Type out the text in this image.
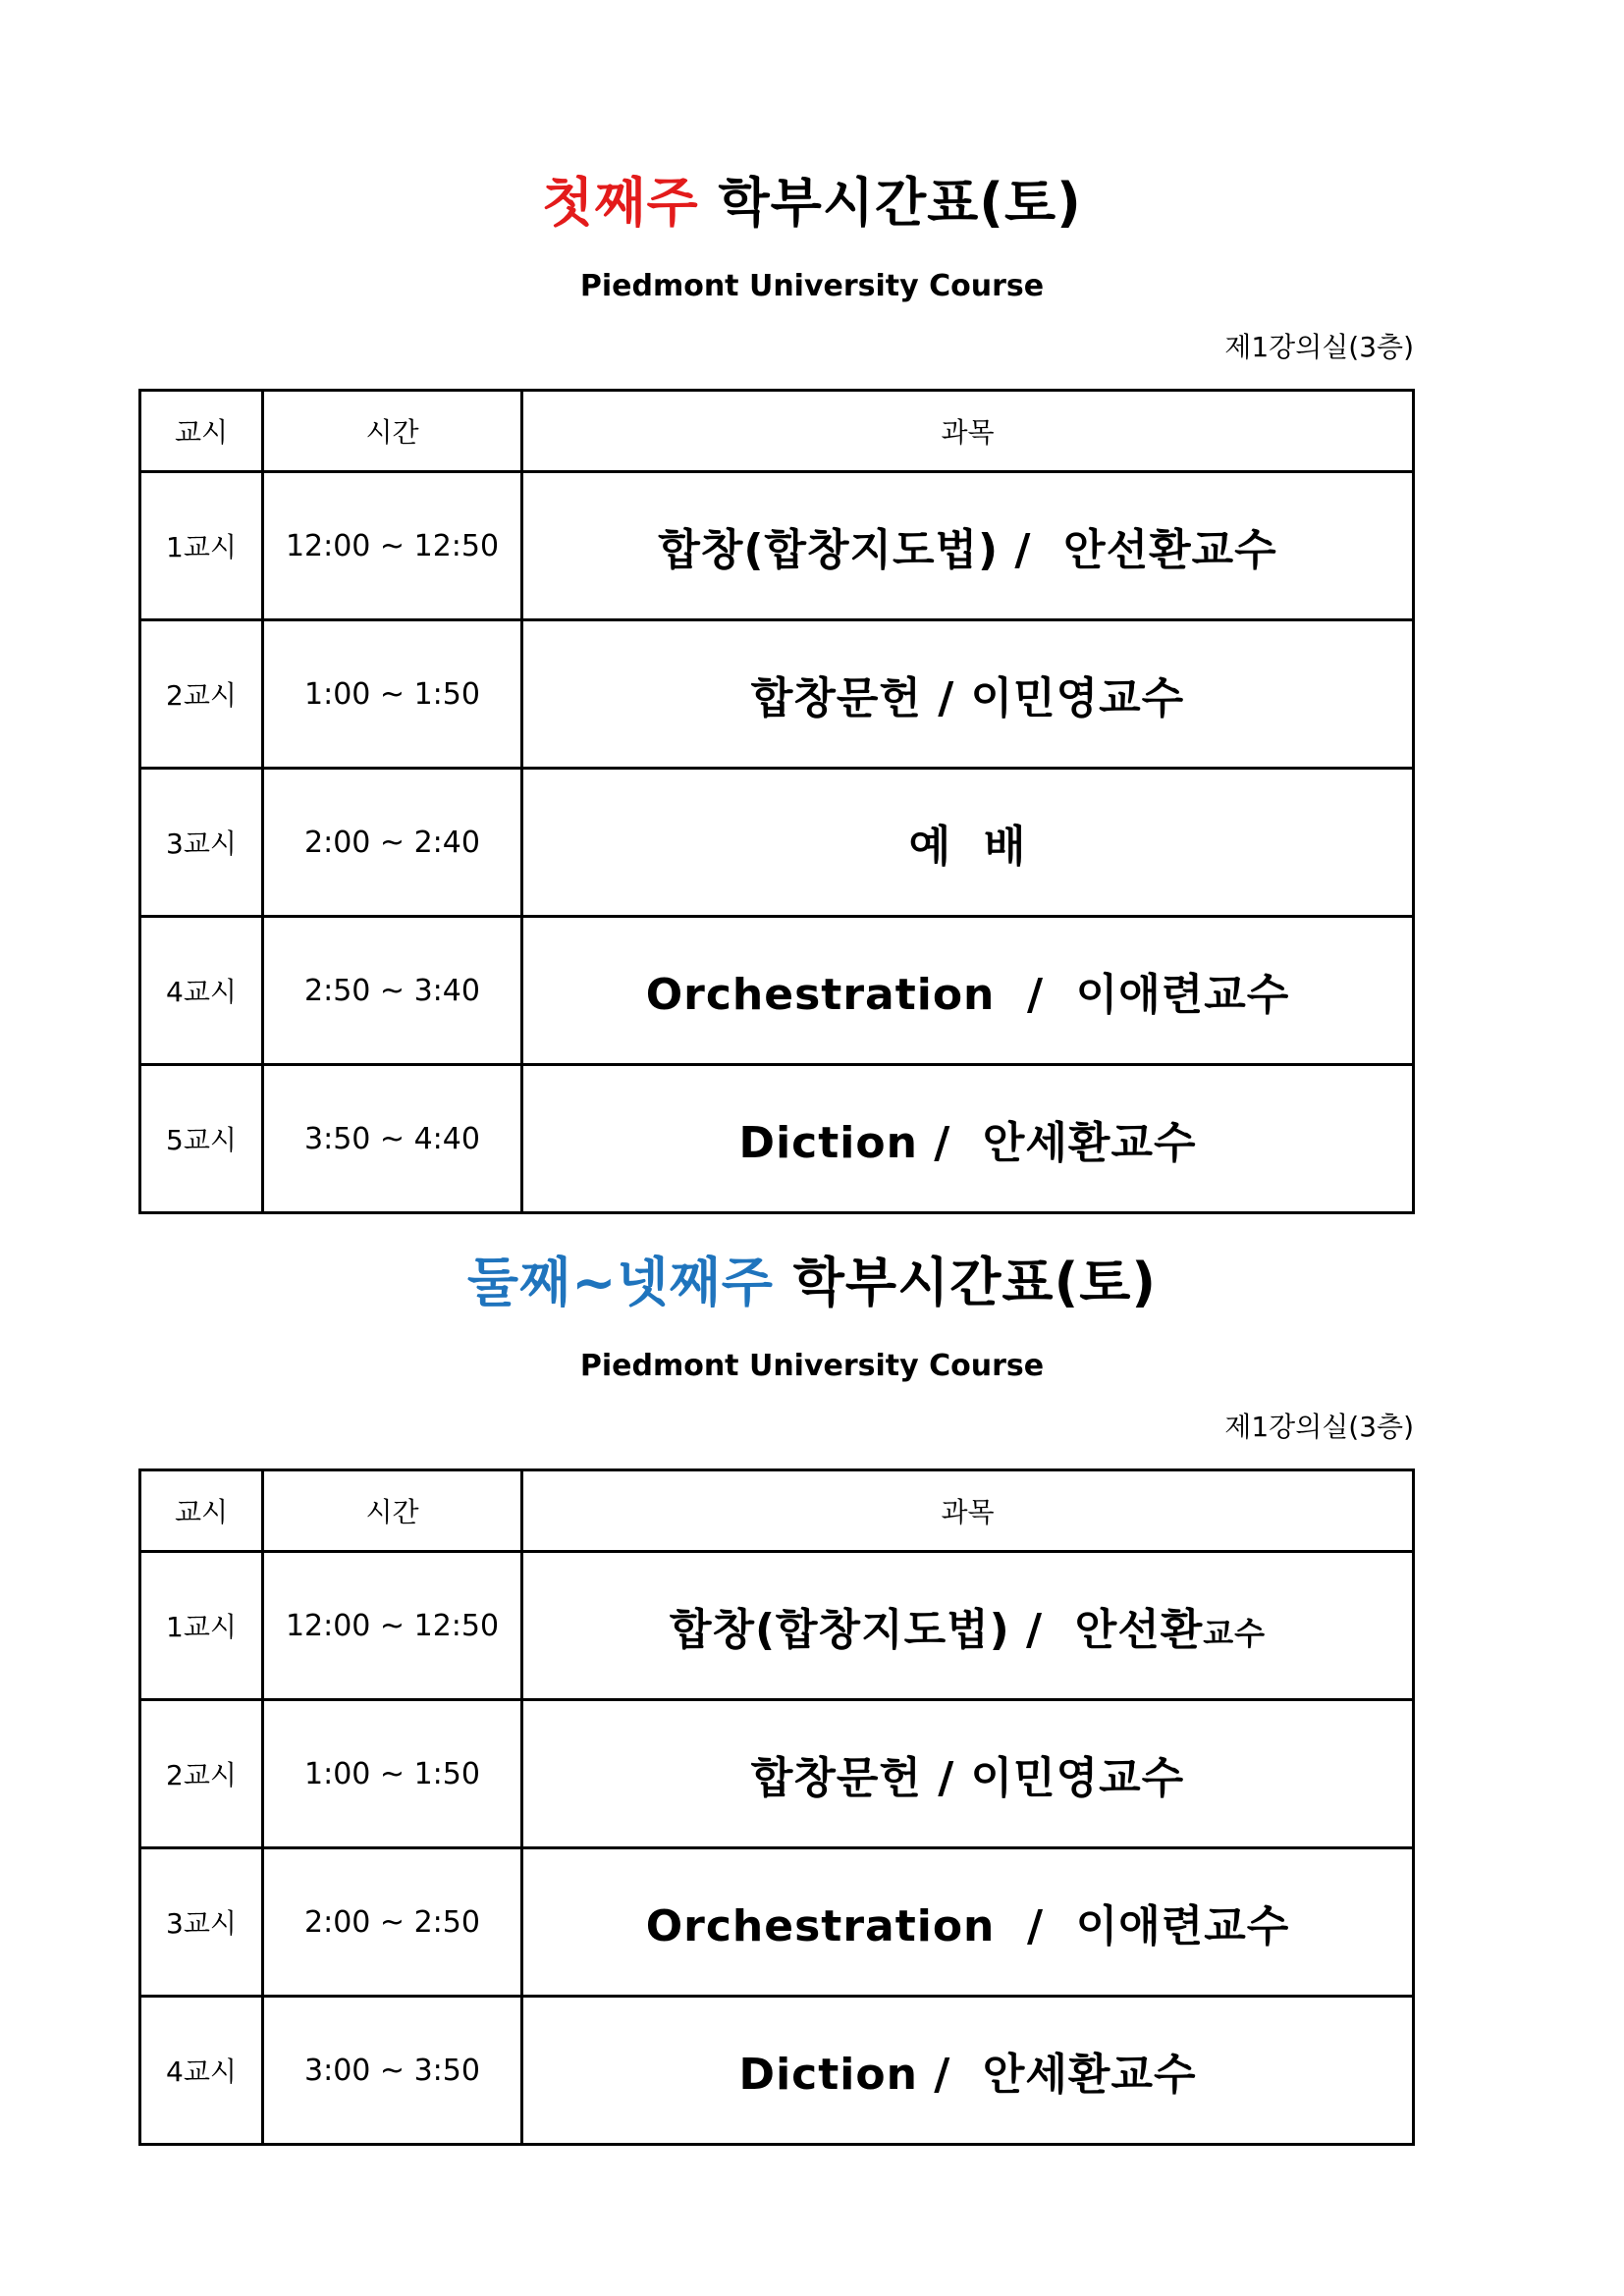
첫째주 학부시간표(토)
Piedmont University Course
제1강의실(3층)
교시	시간	과목
1교시	12:00 ~ 12:50	합창(합창지도법) /  안선환교수
2교시	1:00 ~ 1:50	합창문헌 / 이민영교수
3교시	2:00 ~ 2:40	예  배
4교시	2:50 ~ 3:40	Orchestration  /  이애련교수
5교시	3:50 ~ 4:40	Diction /  안세환교수
둘째~넷째주 학부시간표(토)
Piedmont University Course
제1강의실(3층)
교시	시간	과목
1교시	12:00 ~ 12:50	합창(합창지도법) /  안선환교수
2교시	1:00 ~ 1:50	합창문헌 / 이민영교수
3교시	2:00 ~ 2:50	Orchestration  /  이애련교수
4교시	3:00 ~ 3:50	Diction /  안세환교수
